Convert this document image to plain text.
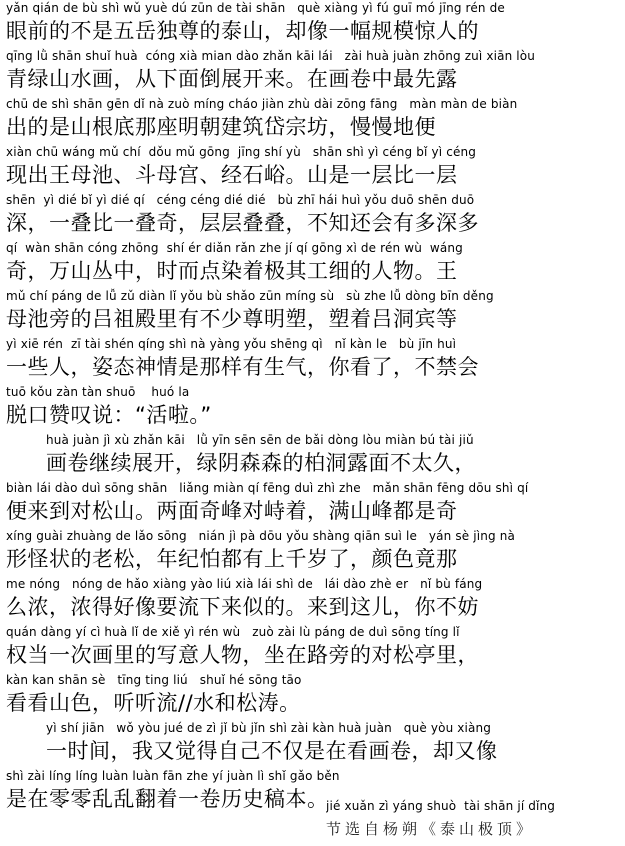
yǎn qián de bù shì wǔ yuè dú zūn de tài shān   què xiàng yì fú guī mó jīng rén de
眼前的不是五岳独尊的泰山，却像一幅规模惊人的
qīng lǜ shān shuǐ huà  cóng xià mian dào zhǎn kāi lái   zài huà juàn zhōng zuì xiān lòu
青绿山水画，从下面倒展开来。在画卷中最先露
chū de shì shān gēn dǐ nà zuò míng cháo jiàn zhù dài zōng fāng   màn màn de biàn
出的是山根底那座明朝建筑岱宗坊，慢慢地便
xiàn chū wáng mǔ chí  dǒu mǔ gōng  jīng shí yù   shān shì yì céng bǐ yì céng
现出王母池、斗母宫、经石峪。山是一层比一层
shēn  yì dié bǐ yì dié qí   céng céng dié dié   bù zhī hái huì yǒu duō shēn duō
深，一叠比一叠奇，层层叠叠，不知还会有多深多
qí  wàn shān cóng zhōng  shí ér diǎn rǎn zhe jí qí gōng xì de rén wù  wáng
奇，万山丛中，时而点染着极其工细的人物。王
mǔ chí páng de lǚ zǔ diàn lǐ yǒu bù shǎo zūn míng sù   sù zhe lǚ dòng bīn děng
母池旁的吕祖殿里有不少尊明塑，塑着吕洞宾等
yì xiē rén  zī tài shén qíng shì nà yàng yǒu shēng qì   nǐ kàn le   bù jīn huì
一些人，姿态神情是那样有生气，你看了，不禁会
tuō kǒu zàn tàn shuō    huó la
脱口赞叹说：“活啦。”
huà juàn jì xù zhǎn kāi   lǜ yīn sēn sēn de bǎi dòng lòu miàn bú tài jiǔ
画卷继续展开，绿阴森森的柏洞露面不太久，
biàn lái dào duì sōng shān   liǎng miàn qí fēng duì zhì zhe   mǎn shān fēng dōu shì qí
便来到对松山。两面奇峰对峙着，满山峰都是奇
xíng guài zhuàng de lǎo sōng   nián jì pà dōu yǒu shàng qiān suì le   yán sè jìng nà
形怪状的老松，年纪怕都有上千岁了，颜色竟那
me nóng   nóng de hǎo xiàng yào liú xià lái shì de   lái dào zhè er   nǐ bù fáng
么浓，浓得好像要流下来似的。来到这儿，你不妨
quán dàng yí cì huà lǐ de xiě yì rén wù   zuò zài lù páng de duì sōng tíng lǐ
权当一次画里的写意人物，坐在路旁的对松亭里，
kàn kan shān sè   tīng ting liú   shuǐ hé sōng tāo
看看山色，听听流//水和松涛。
yì shí jiān   wǒ yòu jué de zì jǐ bù jǐn shì zài kàn huà juàn   què yòu xiàng
一时间，我又觉得自己不仅是在看画卷，却又像
shì zài líng líng luàn luàn fān zhe yí juàn lì shǐ gǎo běn
是在零零乱乱翻着一卷历史稿本。
jié xuǎn zì yáng shuò  tài shān jí dǐng
节选自杨朔《泰山极顶》
